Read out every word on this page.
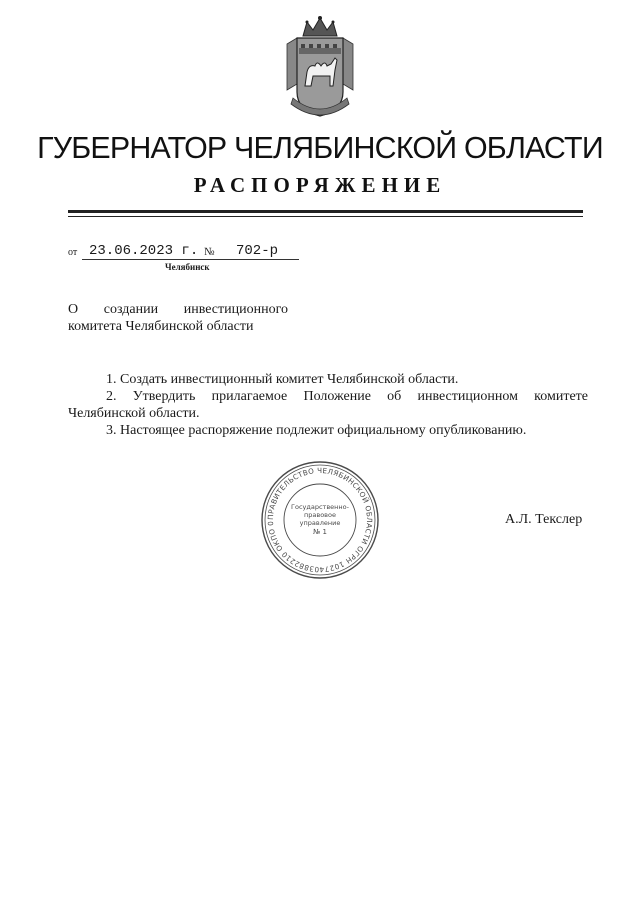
ГУБЕРНАТОР ЧЕЛЯБИНСКОЙ ОБЛАСТИ
РАСПОРЯЖЕНИЕ
от 23.06.2023 г. № 702-р
Челябинск
О создании инвестиционного
комитета Челябинской области

1. Создать инвестиционный комитет Челябинской области.

2. Утвердить прилагаемое Положение об инвестиционном комитете Челябинской области.

3. Настоящее распоряжение подлежит официальному опубликованию.

ПРАВИТЕЛЬСТВО ЧЕЛЯБИНСКОЙ ОБЛАСТИ ОГРН 1027403882210 ОКПО 0
Государственно-
правовое
управление
№ 1
А.Л. Текслер
